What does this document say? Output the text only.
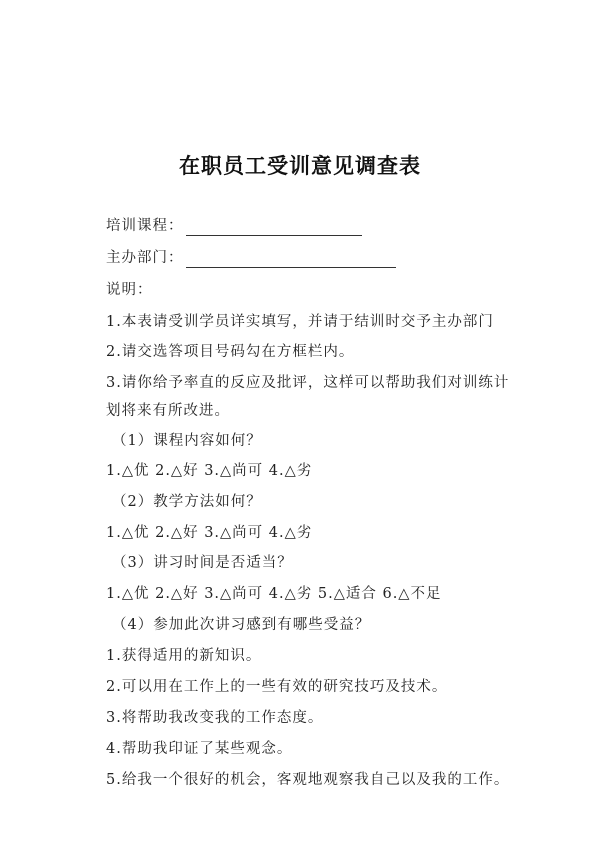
在职员工受训意见调查表
培训课程：
主办部门：
说明：
1.本表请受训学员详实填写，并请于结训时交予主办部门
2.请交选答项目号码勾在方框栏内。
3.请你给予率直的反应及批评，这样可以帮助我们对训练计
划将来有所改进。
（1）课程内容如何？
1.△优 2.△好 3.△尚可 4.△劣
（2）教学方法如何？
1.△优 2.△好 3.△尚可 4.△劣
（3）讲习时间是否适当？
1.△优 2.△好 3.△尚可 4.△劣 5.△适合 6.△不足
（4）参加此次讲习感到有哪些受益？
1.获得适用的新知识。
2.可以用在工作上的一些有效的研究技巧及技术。
3.将帮助我改变我的工作态度。
4.帮助我印证了某些观念。
5.给我一个很好的机会，客观地观察我自己以及我的工作。
